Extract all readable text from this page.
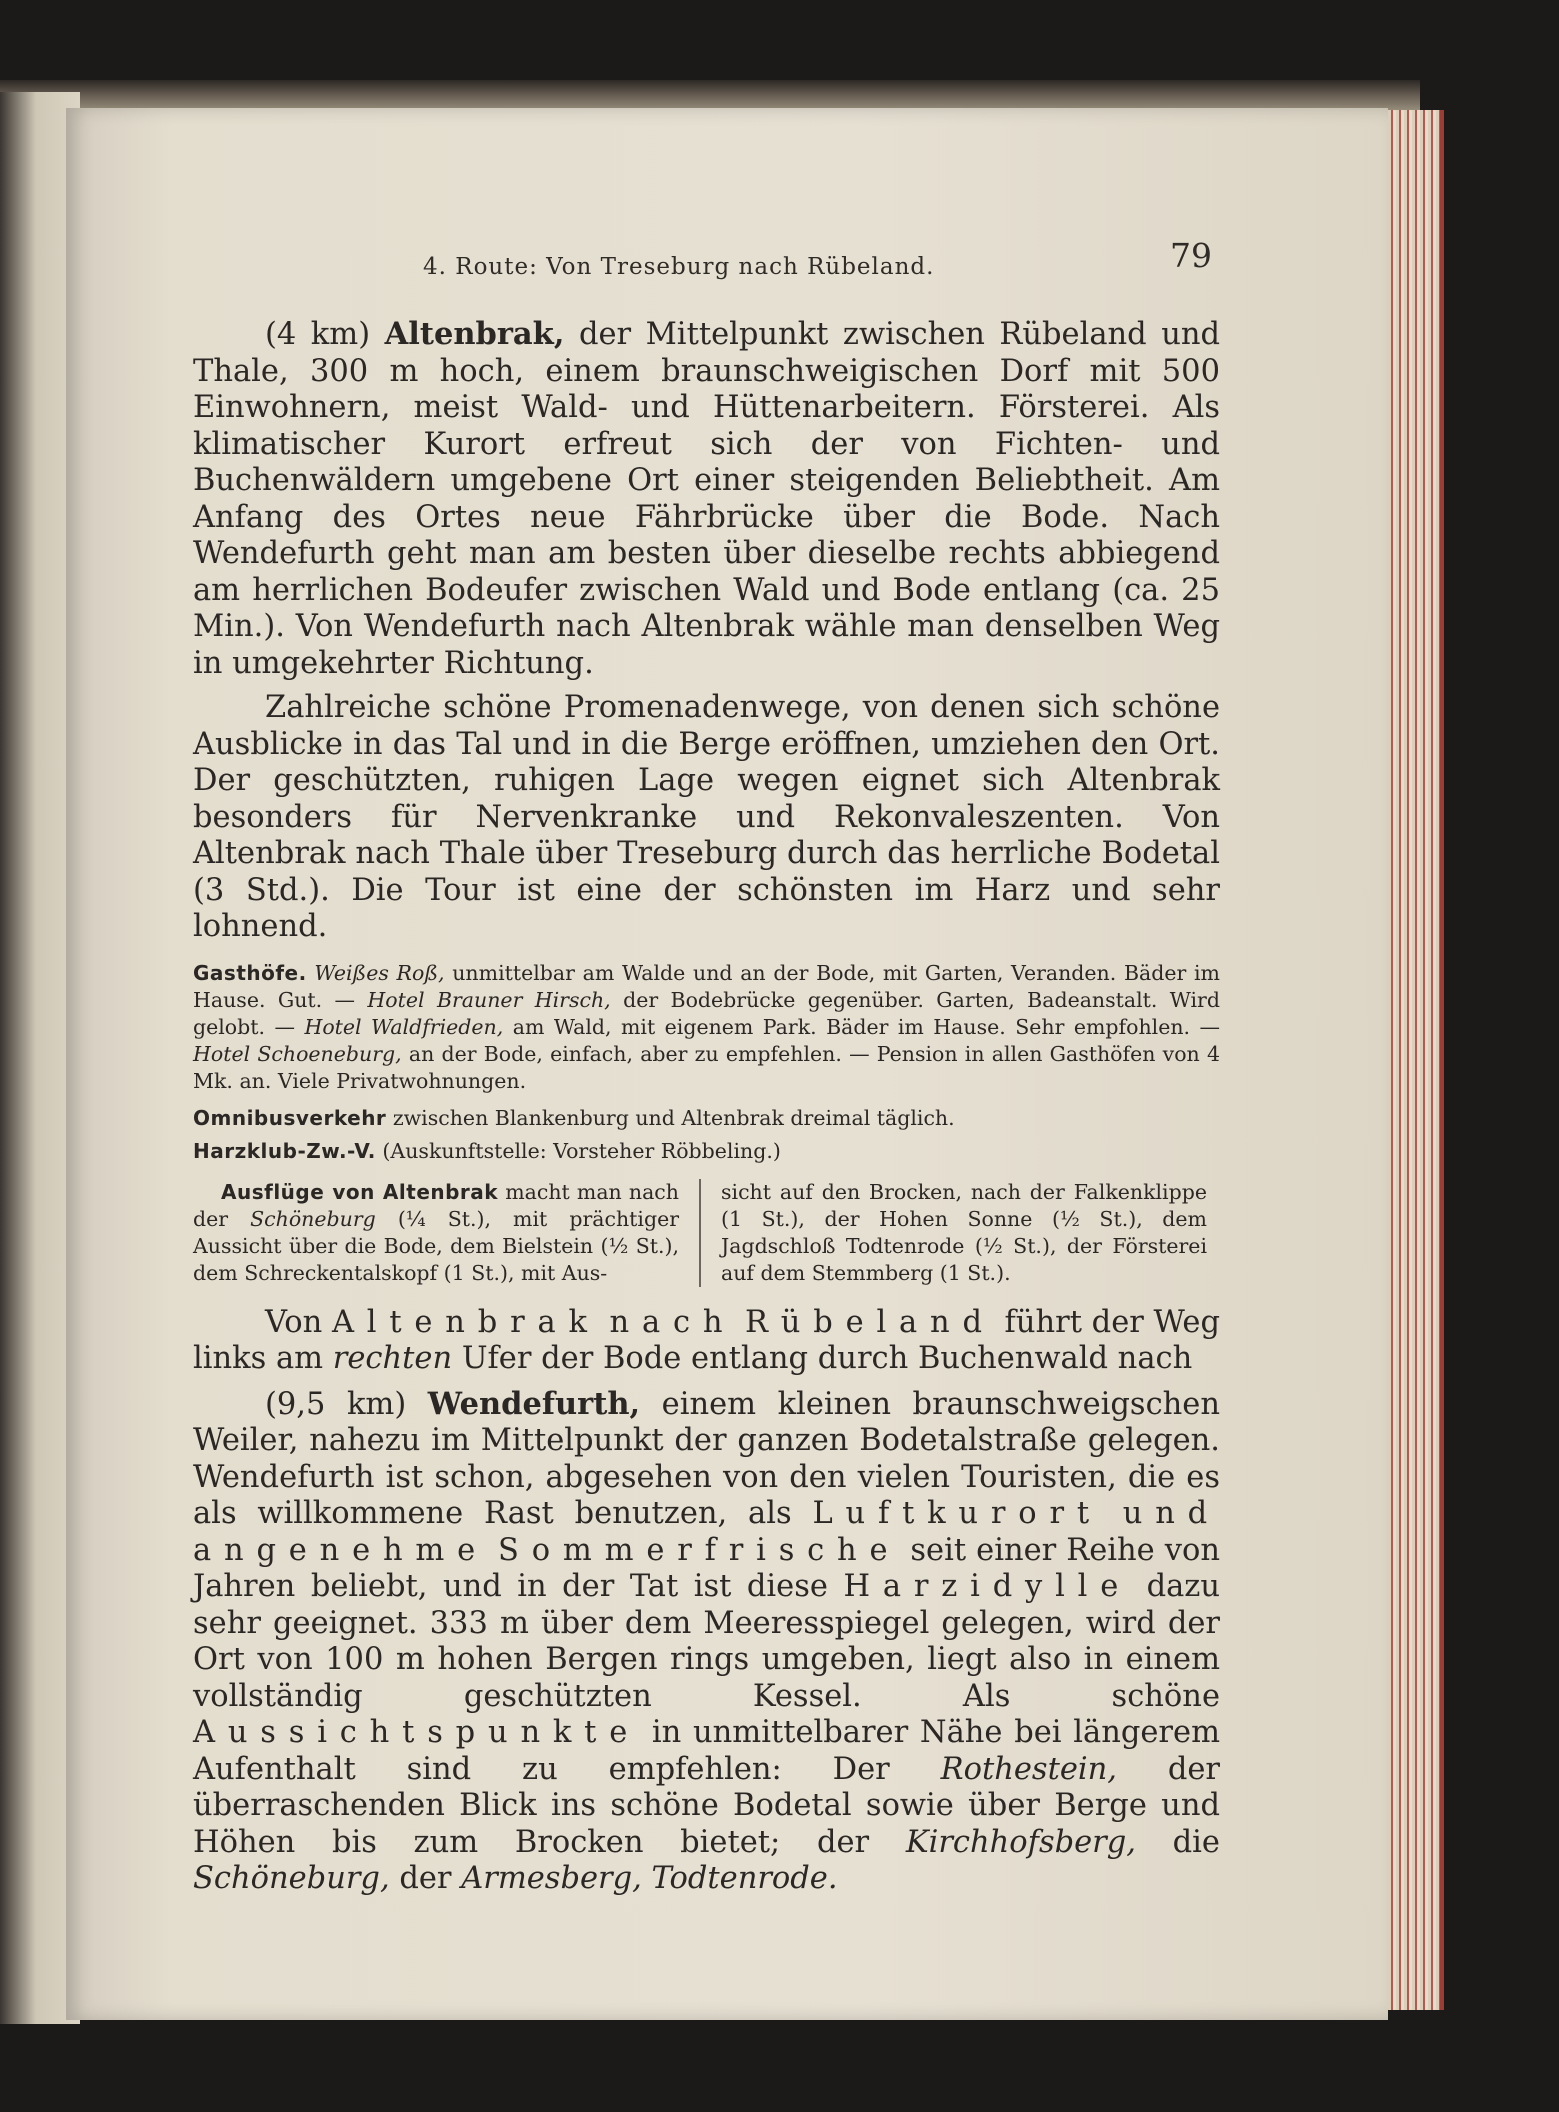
4. Route: Von Treseburg nach Rübeland.	79

(4 km) Altenbrak, der Mittelpunkt zwischen Rübeland und Thale, 300 m hoch, einem braunschweigischen Dorf mit 500 Einwohnern, meist Wald- und Hüttenarbeitern. Försterei. Als klimatischer Kurort erfreut sich der von Fichten- und Buchenwäldern umgebene Ort einer steigenden Beliebtheit. Am Anfang des Ortes neue Fährbrücke über die Bode. Nach Wendefurth geht man am besten über dieselbe rechts abbiegend am herrlichen Bodeufer zwischen Wald und Bode entlang (ca. 25 Min.). Von Wendefurth nach Altenbrak wähle man denselben Weg in umgekehrter Richtung.

Zahlreiche schöne Promenadenwege, von denen sich schöne Ausblicke in das Tal und in die Berge eröffnen, umziehen den Ort. Der geschützten, ruhigen Lage wegen eignet sich Altenbrak besonders für Nervenkranke und Rekonvaleszenten. Von Altenbrak nach Thale über Treseburg durch das herrliche Bodetal (3 Std.). Die Tour ist eine der schönsten im Harz und sehr lohnend.

Gasthöfe. Weißes Roß, unmittelbar am Walde und an der Bode, mit Garten, Veranden. Bäder im Hause. Gut. — Hotel Brauner Hirsch, der Bodebrücke gegenüber. Garten, Badeanstalt. Wird gelobt. — Hotel Waldfrieden, am Wald, mit eigenem Park. Bäder im Hause. Sehr empfohlen. — Hotel Schoeneburg, an der Bode, einfach, aber zu empfehlen. — Pension in allen Gasthöfen von 4 Mk. an. Viele Privatwohnungen.

Omnibusverkehr zwischen Blankenburg und Altenbrak dreimal täglich.

Harzklub-Zw.-V. (Auskunftstelle: Vorsteher Röbbeling.)

Ausflüge von Altenbrak macht man nach der Schöneburg (¼ St.), mit prächtiger Aussicht über die Bode, dem Bielstein (½ St.), dem Schreckentalskopf (1 St.), mit Aus-

sicht auf den Brocken, nach der Falkenklippe (1 St.), der Hohen Sonne (½ St.), dem Jagdschloß Todtenrode (½ St.), der Försterei auf dem Stemmberg (1 St.).

Von Altenbrak nach Rübeland führt der Weg links am rechten Ufer der Bode entlang durch Buchenwald nach

(9,5 km) Wendefurth, einem kleinen braunschweigschen Weiler, nahezu im Mittelpunkt der ganzen Bodetalstraße gelegen. Wendefurth ist schon, abgesehen von den vielen Touristen, die es als willkommene Rast benutzen, als Luftkurort und angenehme Sommerfrische seit einer Reihe von Jahren beliebt, und in der Tat ist diese Harzidylle dazu sehr geeignet. 333 m über dem Meeresspiegel gelegen, wird der Ort von 100 m hohen Bergen rings umgeben, liegt also in einem vollständig geschützten Kessel. Als schöne Aussichtspunkte in unmittelbarer Nähe bei längerem Aufenthalt sind zu empfehlen: Der Rothestein, der überraschenden Blick ins schöne Bodetal sowie über Berge und Höhen bis zum Brocken bietet; der Kirchhofsberg, die Schöneburg, der Armesberg, Todtenrode.
